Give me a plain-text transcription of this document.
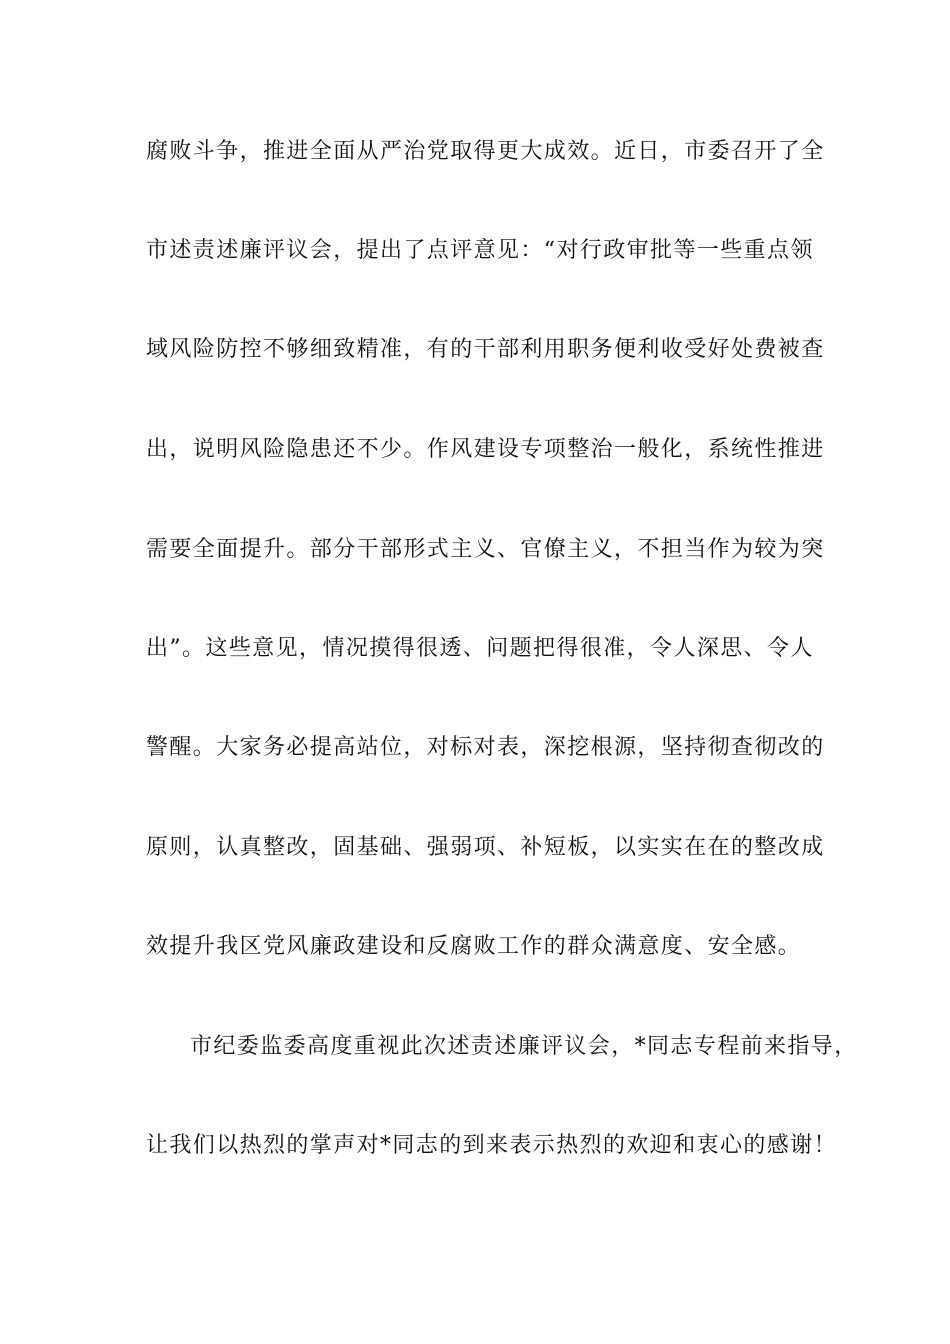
腐败斗争，推进全面从严治党取得更大成效。近日，市委召开了全
市述责述廉评议会，提出了点评意见：“对行政审批等一些重点领
域风险防控不够细致精准，有的干部利用职务便利收受好处费被查
出，说明风险隐患还不少。作风建设专项整治一般化，系统性推进
需要全面提升。部分干部形式主义、官僚主义，不担当作为较为突
出”。这些意见，情况摸得很透、问题把得很准，令人深思、令人
警醒。大家务必提高站位，对标对表，深挖根源，坚持彻查彻改的
原则，认真整改，固基础、强弱项、补短板，以实实在在的整改成
效提升我区党风廉政建设和反腐败工作的群众满意度、安全感。
市纪委监委高度重视此次述责述廉评议会，*同志专程前来指导，
让我们以热烈的掌声对*同志的到来表示热烈的欢迎和衷心的感谢！
